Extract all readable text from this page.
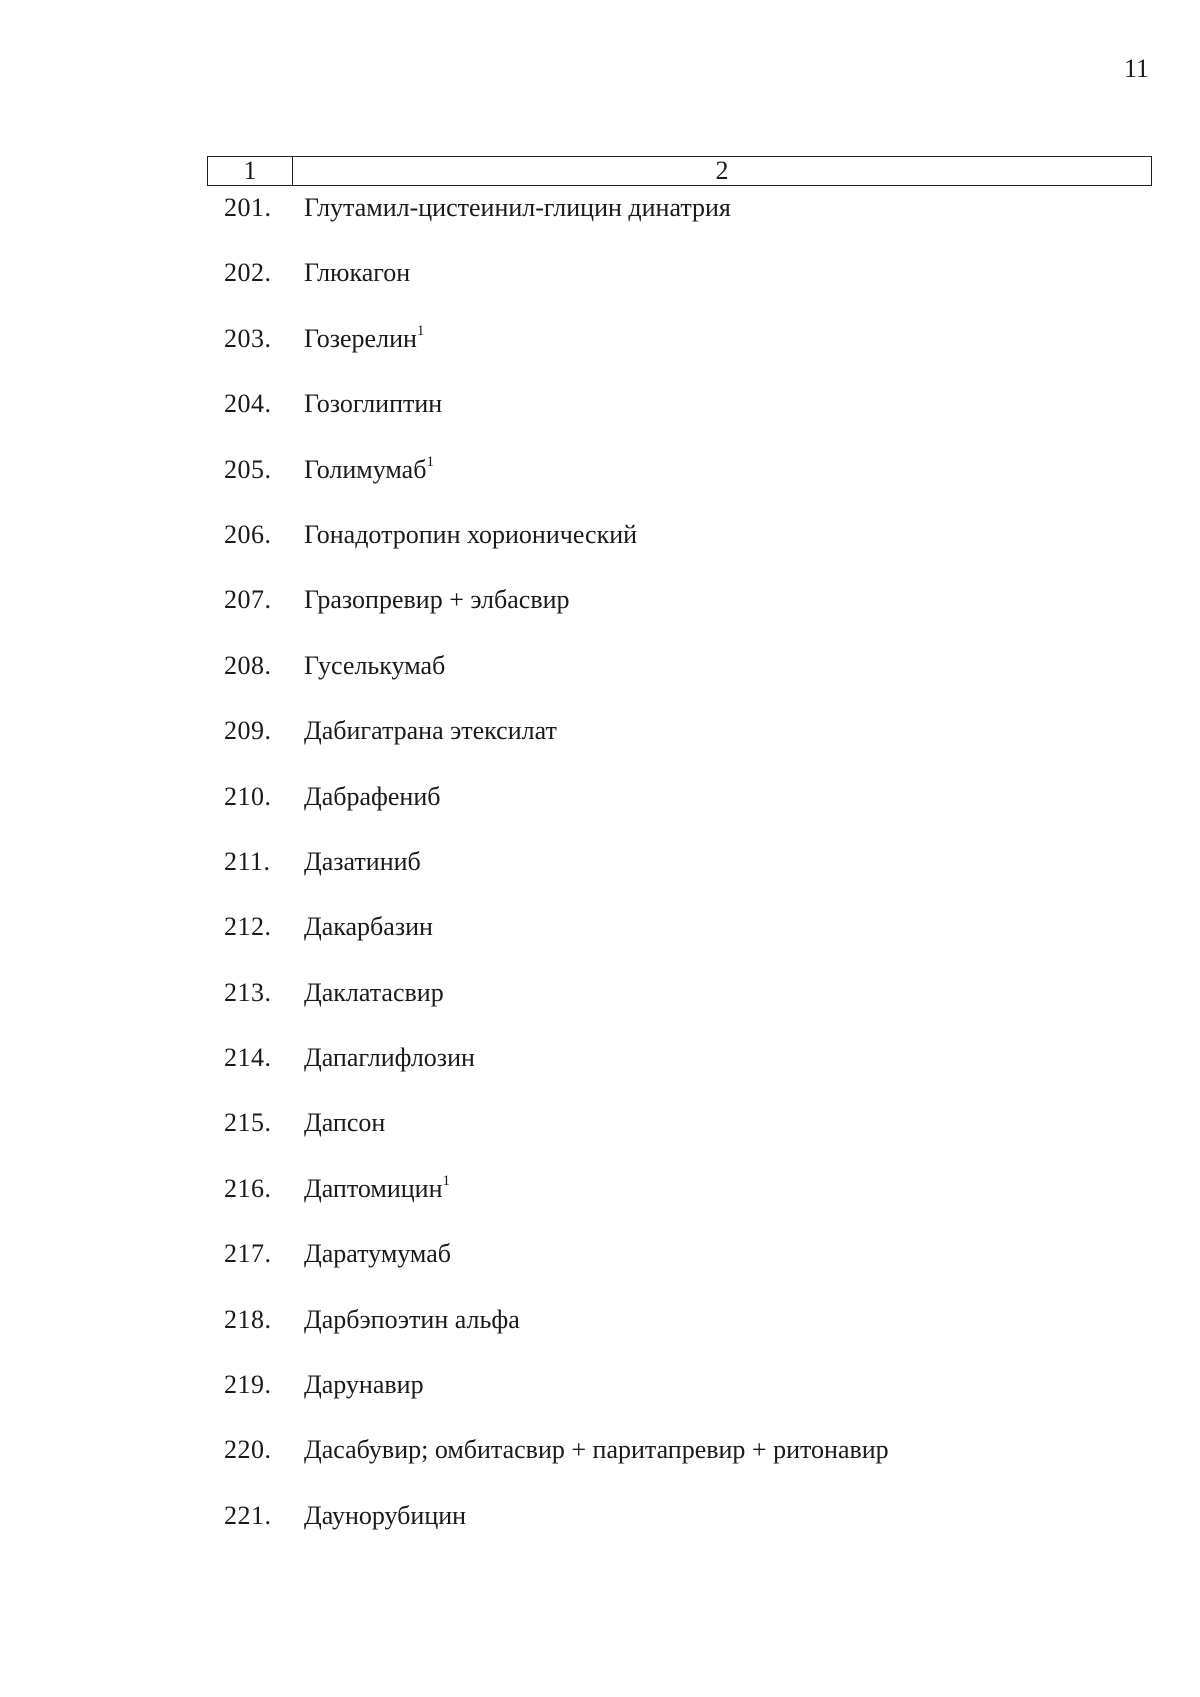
11
1	2
201.	Глутамил-цистеинил-глицин динатрия
202.	Глюкагон
203.	Гозерелин$^1$
204.	Гозоглиптин
205.	Голимумаб$^1$
206.	Гонадотропин хорионический
207.	Гразопревир + элбасвир
208.	Гуселькумаб
209.	Дабигатрана этексилат
210.	Дабрафениб
211.	Дазатиниб
212.	Дакарбазин
213.	Даклатасвир
214.	Дапаглифлозин
215.	Дапсон
216.	Даптомицин$^1$
217.	Даратумумаб
218.	Дарбэпоэтин альфа
219.	Дарунавир
220.	Дасабувир; омбитасвир + паритапревир + ритонавир
221.	Даунорубицин
